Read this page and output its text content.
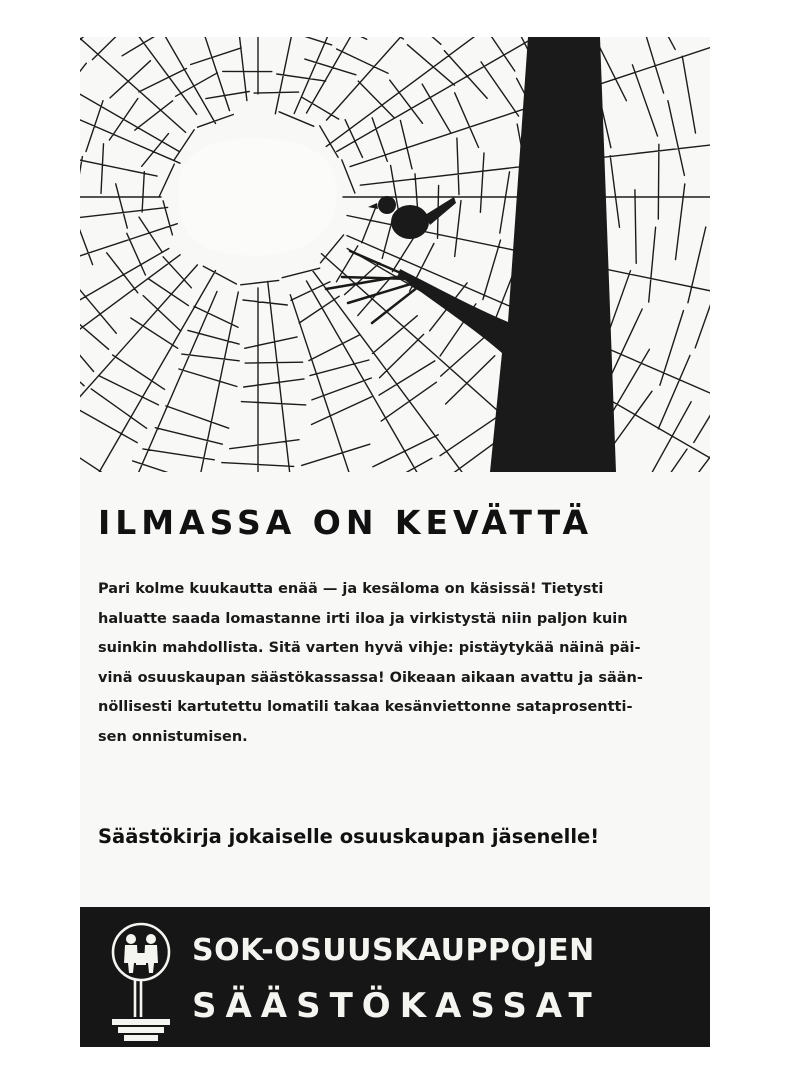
ILMASSA ON KEVÄTTÄ
Pari kolme kuukautta enää — ja kesäloma on käsissä! Tietysti
haluatte saada lomastanne irti iloa ja virkistystä niin paljon kuin
suinkin mahdollista. Sitä varten hyvä vihje: pistäytykää näinä päi-
vinä osuuskaupan säästökassassa! Oikeaan aikaan avattu ja sään-
nöllisesti kartutettu lomatili takaa kesänviettonne sataprosentti-
sen onnistumisen.

Säästökirja jokaiselle osuuskaupan jäsenelle!

SOK-OSUUSKAUPPOJEN

SÄÄSTÖKASSAT
